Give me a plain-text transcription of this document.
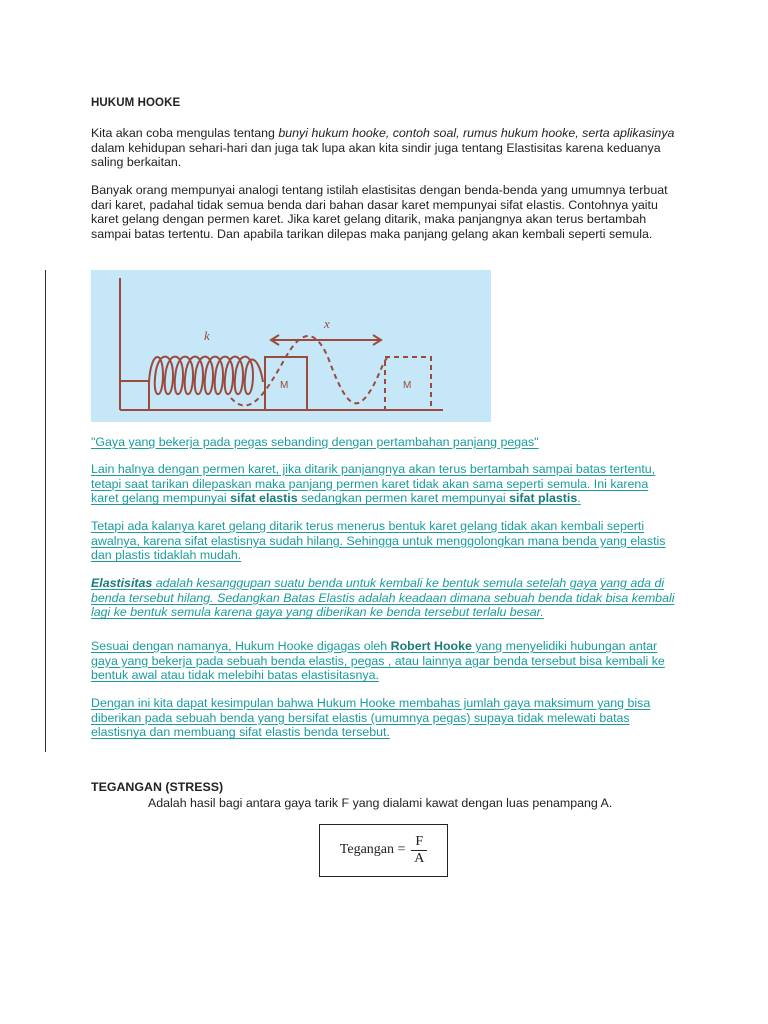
HUKUM HOOKE

Kita akan coba mengulas tentang bunyi hukum hooke, contoh soal, rumus hukum hooke, serta aplikasinya dalam kehidupan sehari-hari dan juga tak lupa akan kita sindir juga tentang Elastisitas karena keduanya saling berkaitan.

Banyak orang mempunyai analogi tentang istilah elastisitas dengan benda-benda yang umumnya terbuat dari karet, padahal tidak semua benda dari bahan dasar karet mempunyai sifat elastis. Contohnya yaitu karet gelang dengan permen karet. Jika karet gelang ditarik, maka panjangnya akan terus bertambah sampai batas tertentu. Dan apabila tarikan dilepas maka panjang gelang akan kembali seperti semula.

k
x
M	M

"Gaya yang bekerja pada pegas sebanding dengan pertambahan panjang pegas"

Lain halnya dengan permen karet, jika ditarik panjangnya akan terus bertambah sampai batas tertentu, tetapi saat tarikan dilepaskan maka panjang permen karet tidak akan sama seperti semula. Ini karena karet gelang mempunyai sifat elastis sedangkan permen karet mempunyai sifat plastis.

Tetapi ada kalanya karet gelang ditarik terus menerus bentuk karet gelang tidak akan kembali seperti awalnya, karena sifat elastisnya sudah hilang. Sehingga untuk menggolongkan mana benda yang elastis dan plastis tidaklah mudah.

Elastisitas adalah kesanggupan suatu benda untuk kembali ke bentuk semula setelah gaya yang ada di benda tersebut hilang. Sedangkan Batas Elastis adalah keadaan dimana sebuah benda tidak bisa kembali lagi ke bentuk semula karena gaya yang diberikan ke benda tersebut terlalu besar.

Sesuai dengan namanya, Hukum Hooke digagas oleh Robert Hooke yang menyelidiki hubungan antar gaya yang bekerja pada sebuah benda elastis, pegas , atau lainnya agar benda tersebut bisa kembali ke bentuk awal atau tidak melebihi batas elastisitasnya.

Dengan ini kita dapat kesimpulan bahwa Hukum Hooke membahas jumlah gaya maksimum yang bisa diberikan pada sebuah benda yang bersifat elastis (umumnya pegas) supaya tidak melewati batas elastisnya dan membuang sifat elastis benda tersebut.

TEGANGAN (STRESS)

Adalah hasil bagi antara gaya tarik F yang dialami kawat dengan luas penampang A.

Tegangan = $\frac{F}{A}$
